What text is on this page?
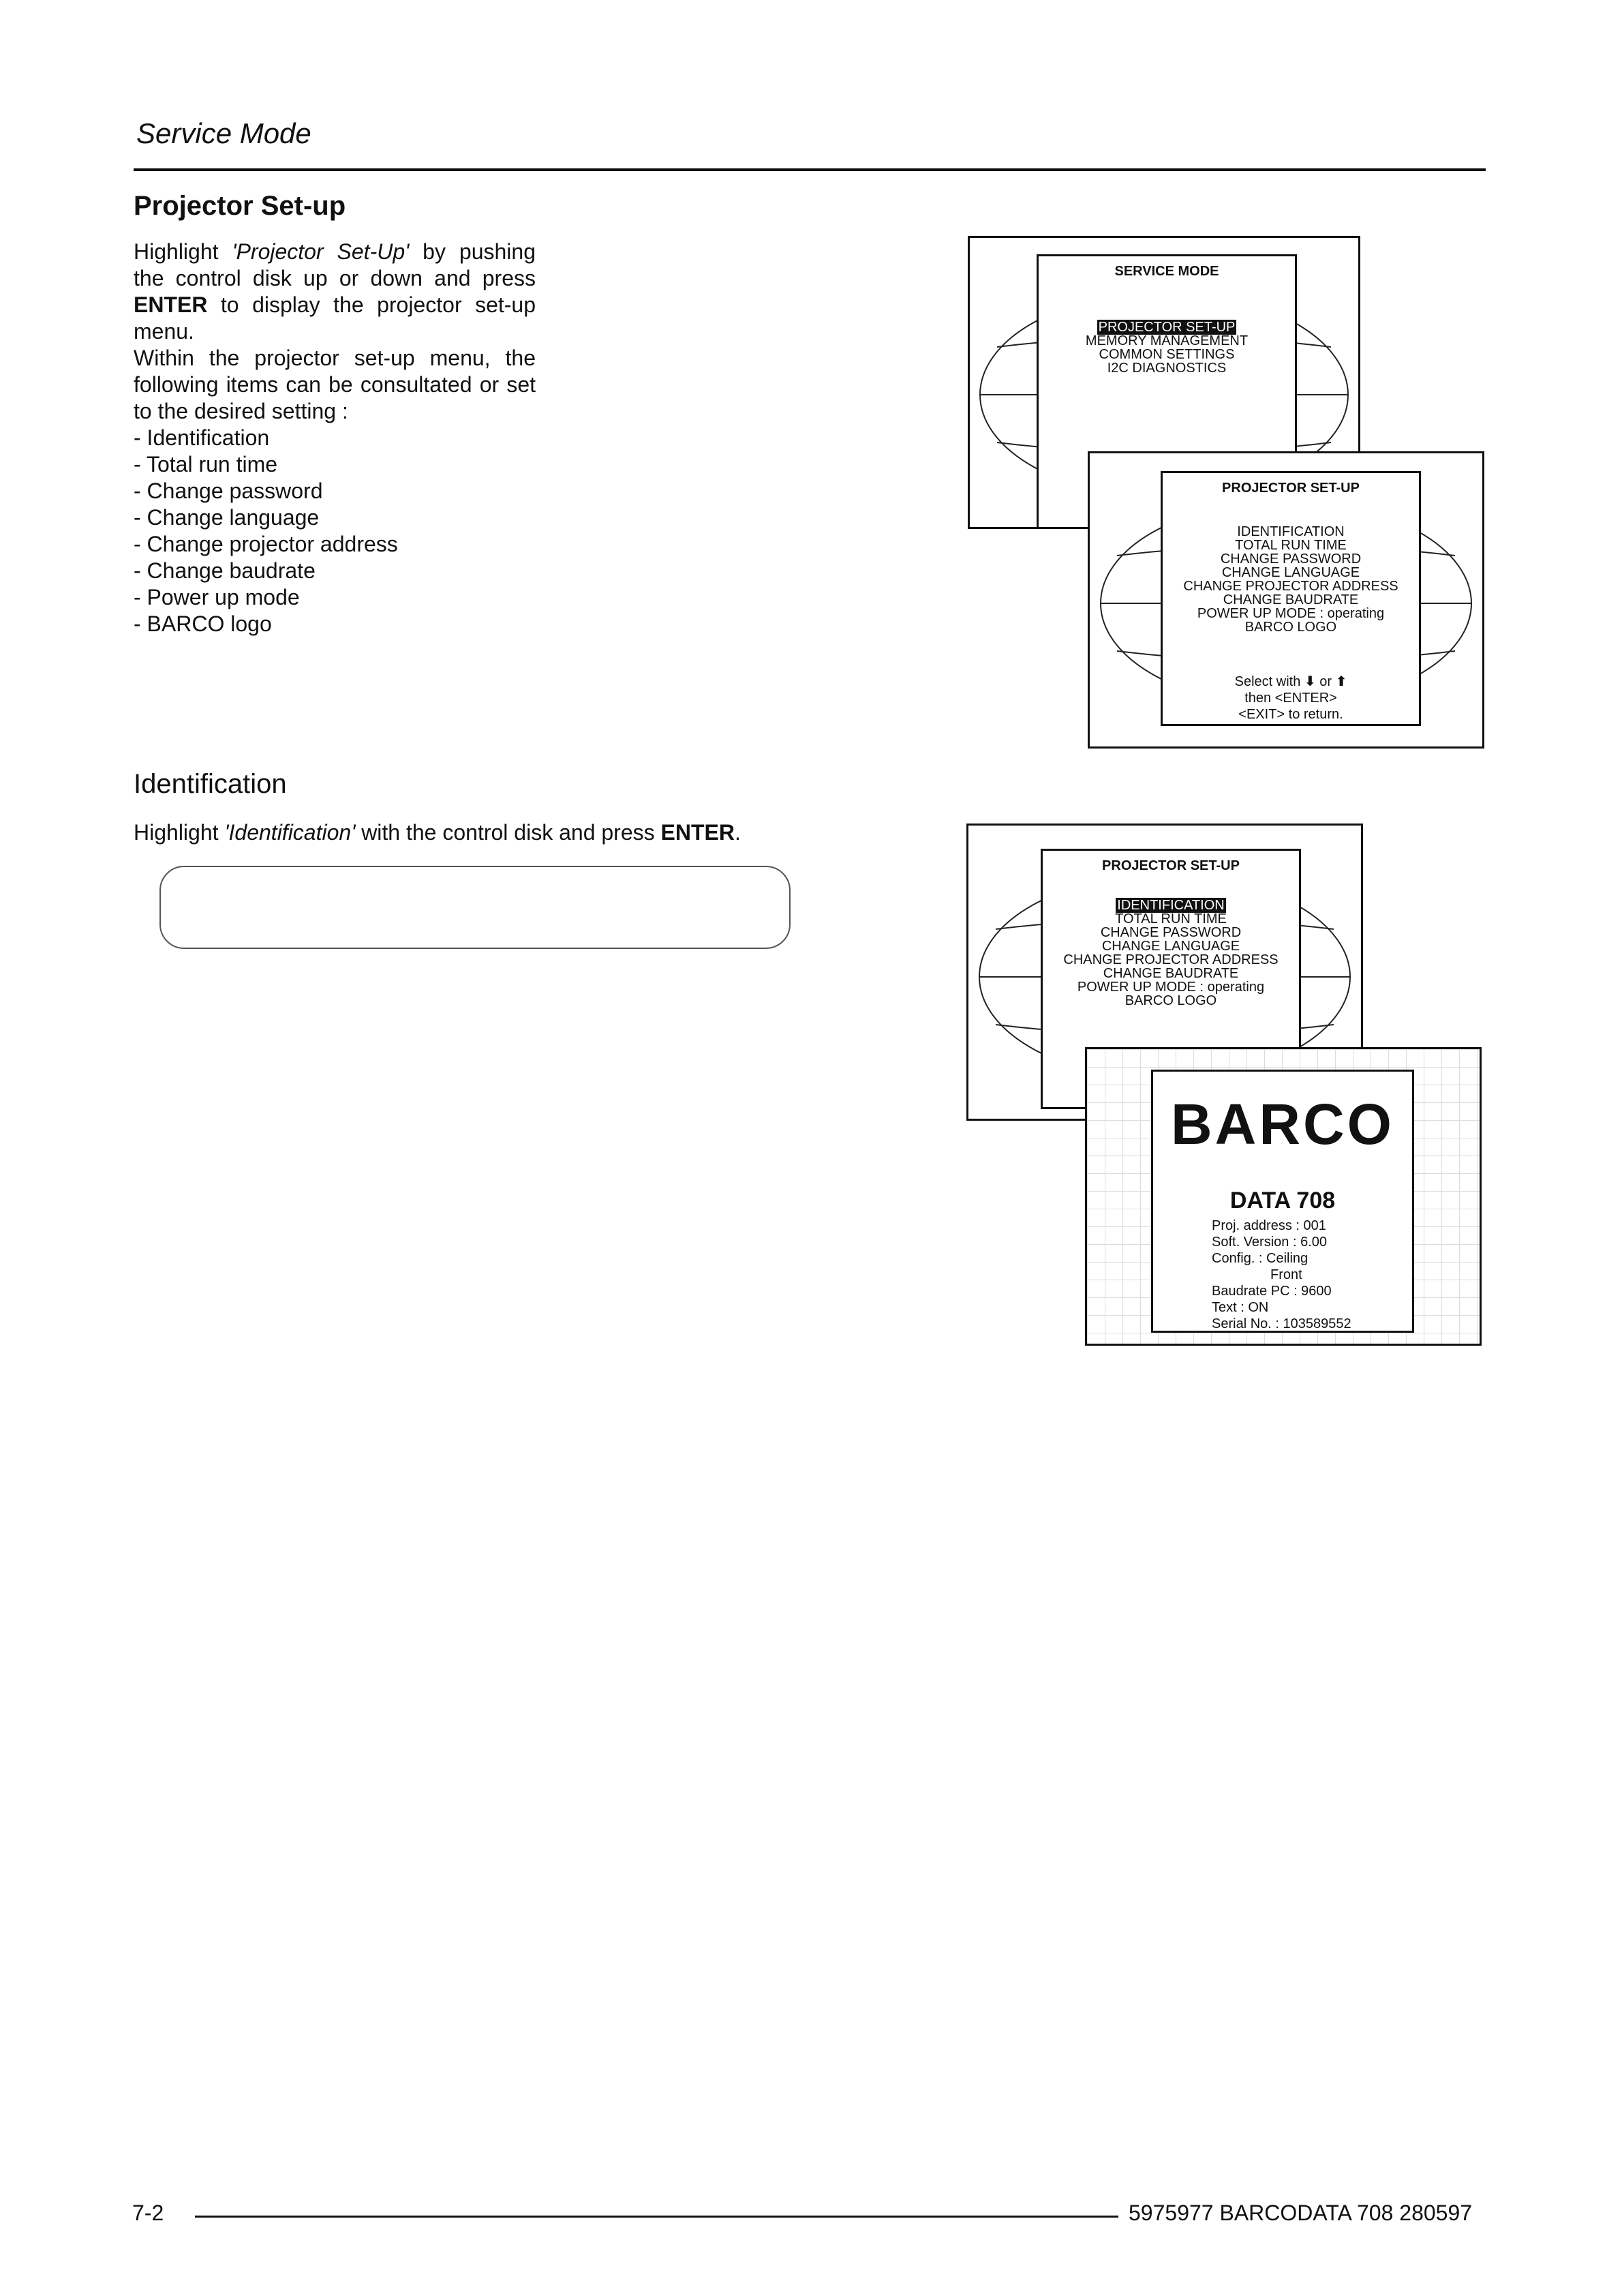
Service Mode
Projector Set-up
Highlight 'Projector Set-Up' by pushing the control disk up or down and press ENTER to display the projector set-up menu.
Within the projector set-up menu, the following items can be consultated or set to the desired setting :
- Identification
- Total run time
- Change password
- Change language
- Change projector address
- Change baudrate
- Power up mode
- BARCO logo
Identification
Highlight 'Identification' with the control disk and press ENTER.
SERVICE MODE
PROJECTOR SET-UP
MEMORY MANAGEMENT
COMMON SETTINGS
I2C DIAGNOSTICS
PROJECTOR SET-UP
IDENTIFICATION
TOTAL RUN TIME
CHANGE PASSWORD
CHANGE LANGUAGE
CHANGE PROJECTOR ADDRESS
CHANGE BAUDRATE
POWER UP MODE : operating
BARCO LOGO
Select with ⬇ or ⬆
then <ENTER>
<EXIT> to return.
PROJECTOR SET-UP
IDENTIFICATION
TOTAL RUN TIME
CHANGE PASSWORD
CHANGE LANGUAGE
CHANGE PROJECTOR ADDRESS
CHANGE BAUDRATE
POWER UP MODE : operating
BARCO LOGO
BARCO
DATA 708
Proj. address : 001
Soft. Version : 6.00
Config. : Ceiling
Front
Baudrate PC : 9600
Text : ON
Serial No. : 103589552
7-2	5975977 BARCODATA 708 280597
